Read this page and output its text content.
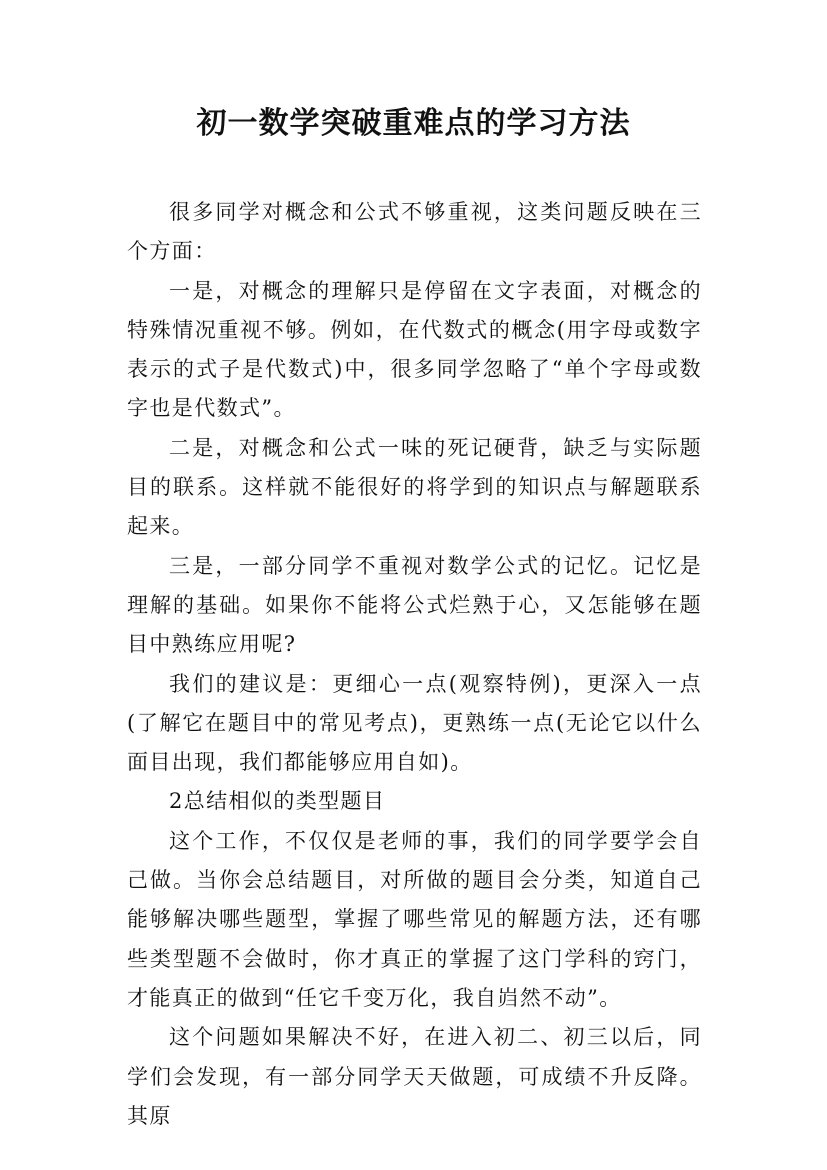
初一数学突破重难点的学习方法

很多同学对概念和公式不够重视，这类问题反映在三个方面：

一是，对概念的理解只是停留在文字表面，对概念的特殊情况重视不够。例如，在代数式的概念(用字母或数字表示的式子是代数式)中，很多同学忽略了“单个字母或数字也是代数式”。

二是，对概念和公式一味的死记硬背，缺乏与实际题目的联系。这样就不能很好的将学到的知识点与解题联系起来。

三是，一部分同学不重视对数学公式的记忆。记忆是理解的基础。如果你不能将公式烂熟于心，又怎能够在题目中熟练应用呢?

我们的建议是：更细心一点(观察特例)，更深入一点(了解它在题目中的常见考点)，更熟练一点(无论它以什么面目出现，我们都能够应用自如)。

2总结相似的类型题目

这个工作，不仅仅是老师的事，我们的同学要学会自己做。当你会总结题目，对所做的题目会分类，知道自己能够解决哪些题型，掌握了哪些常见的解题方法，还有哪些类型题不会做时，你才真正的掌握了这门学科的窍门，才能真正的做到“任它千变万化，我自岿然不动”。

这个问题如果解决不好，在进入初二、初三以后，同学们会发现，有一部分同学天天做题，可成绩不升反降。其原
